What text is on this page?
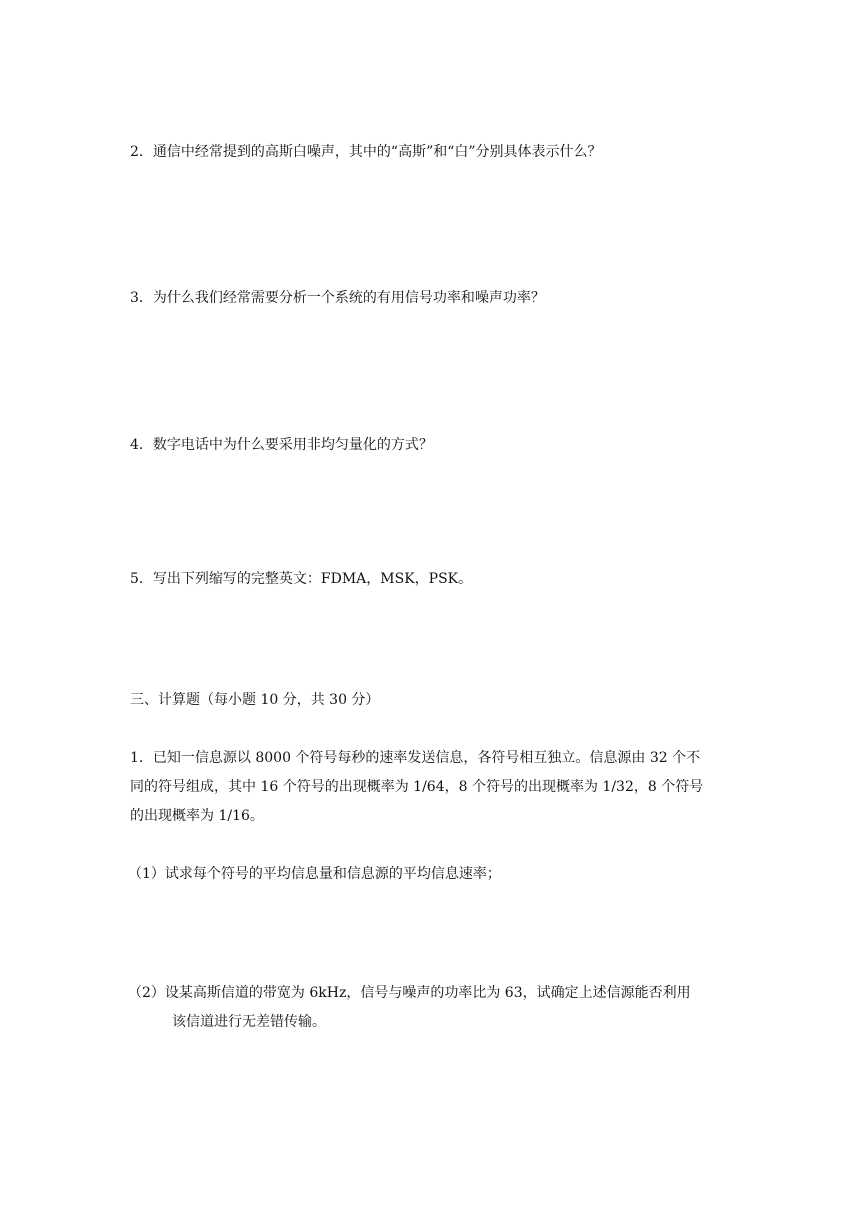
2．通信中经常提到的高斯白噪声，其中的“高斯”和“白”分别具体表示什么？
3．为什么我们经常需要分析一个系统的有用信号功率和噪声功率？
4．数字电话中为什么要采用非均匀量化的方式？
5．写出下列缩写的完整英文：FDMA，MSK，PSK。
三、计算题（每小题 10 分，共 30 分）
1．已知一信息源以 8000 个符号每秒的速率发送信息，各符号相互独立。信息源由 32 个不
同的符号组成，其中 16 个符号的出现概率为 1/64，8 个符号的出现概率为 1/32，8 个符号
的出现概率为 1/16。
（1）试求每个符号的平均信息量和信息源的平均信息速率；
（2）设某高斯信道的带宽为 6kHz，信号与噪声的功率比为 63，试确定上述信源能否利用
该信道进行无差错传输。
